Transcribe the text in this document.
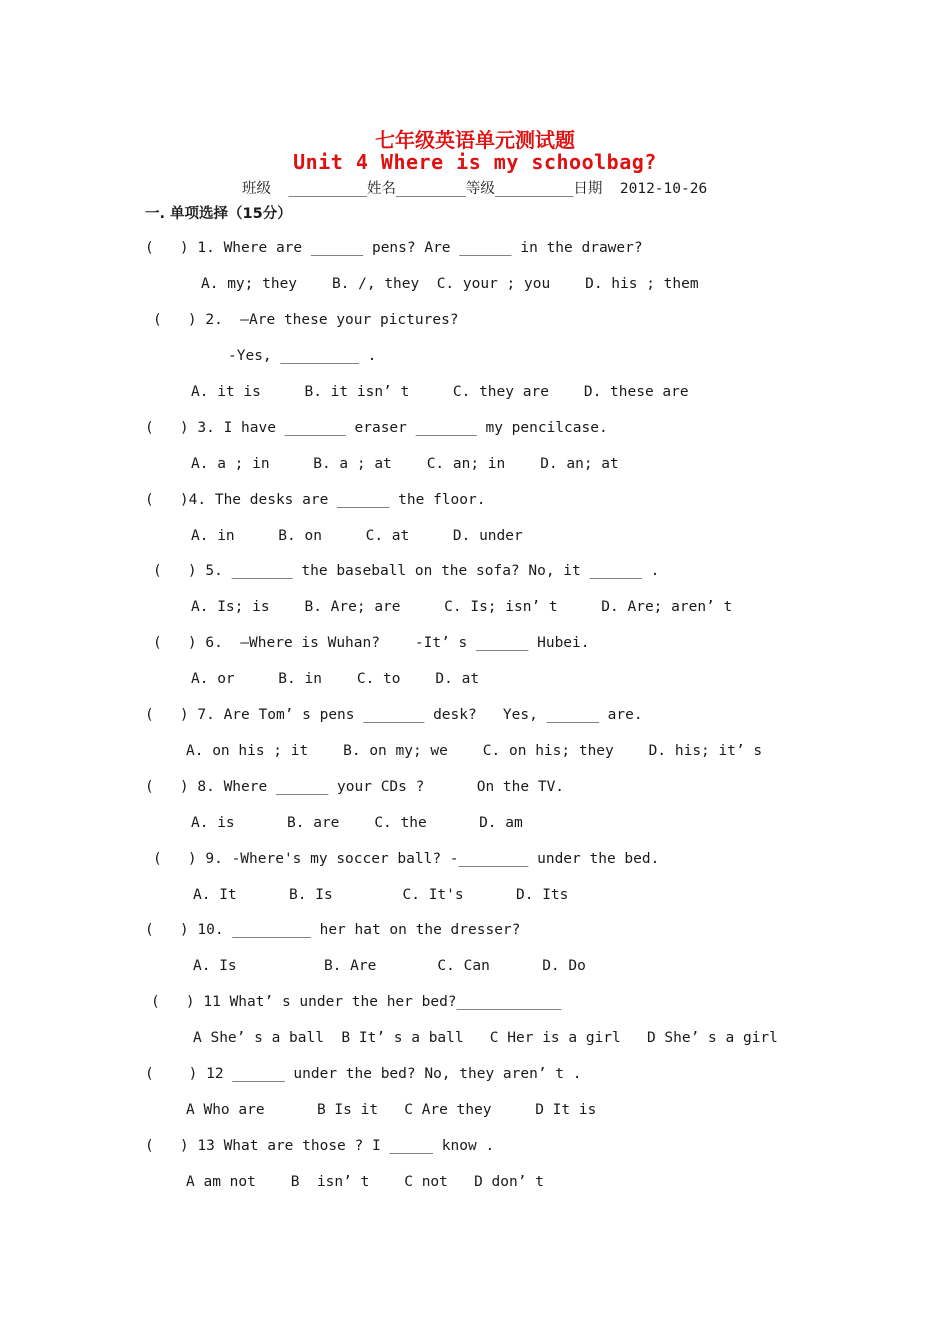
七年级英语单元测试题
Unit 4 Where is my schoolbag?
班级  _________姓名________等级_________日期  2012-10-26
一. 单项选择（15分）
(   ) 1. Where are ______ pens? Are ______ in the drawer?
A. my; they    B. /, they  C. your ; you    D. his ; them
(   ) 2.  –Are these your pictures?
-Yes, _________ .
A. it is     B. it isn’ t     C. they are    D. these are
(   ) 3. I have _______ eraser _______ my pencilcase.
A. a ; in     B. a ; at    C. an; in    D. an; at
(   )4. The desks are ______ the floor.
A. in     B. on     C. at     D. under
(   ) 5. _______ the baseball on the sofa? No, it ______ .
A. Is; is    B. Are; are     C. Is; isn’ t     D. Are; aren’ t
(   ) 6.  –Where is Wuhan?    -It’ s ______ Hubei.
A. or     B. in    C. to    D. at
(   ) 7. Are Tom’ s pens _______ desk?   Yes, ______ are.
A. on his ; it    B. on my; we    C. on his; they    D. his; it’ s
(   ) 8. Where ______ your CDs ?      On the TV.
A. is      B. are    C. the      D. am
(   ) 9. -Where's my soccer ball? -________ under the bed.
A. It      B. Is        C. It's      D. Its
(   ) 10. _________ her hat on the dresser?
A. Is          B. Are       C. Can      D. Do
(   ) 11 What’ s under the her bed?____________
A She’ s a ball  B It’ s a ball   C Her is a girl   D She’ s a girl
(    ) 12 ______ under the bed? No, they aren’ t .
A Who are      B Is it   C Are they     D It is
(   ) 13 What are those ? I _____ know .
A am not    B  isn’ t    C not   D don’ t
